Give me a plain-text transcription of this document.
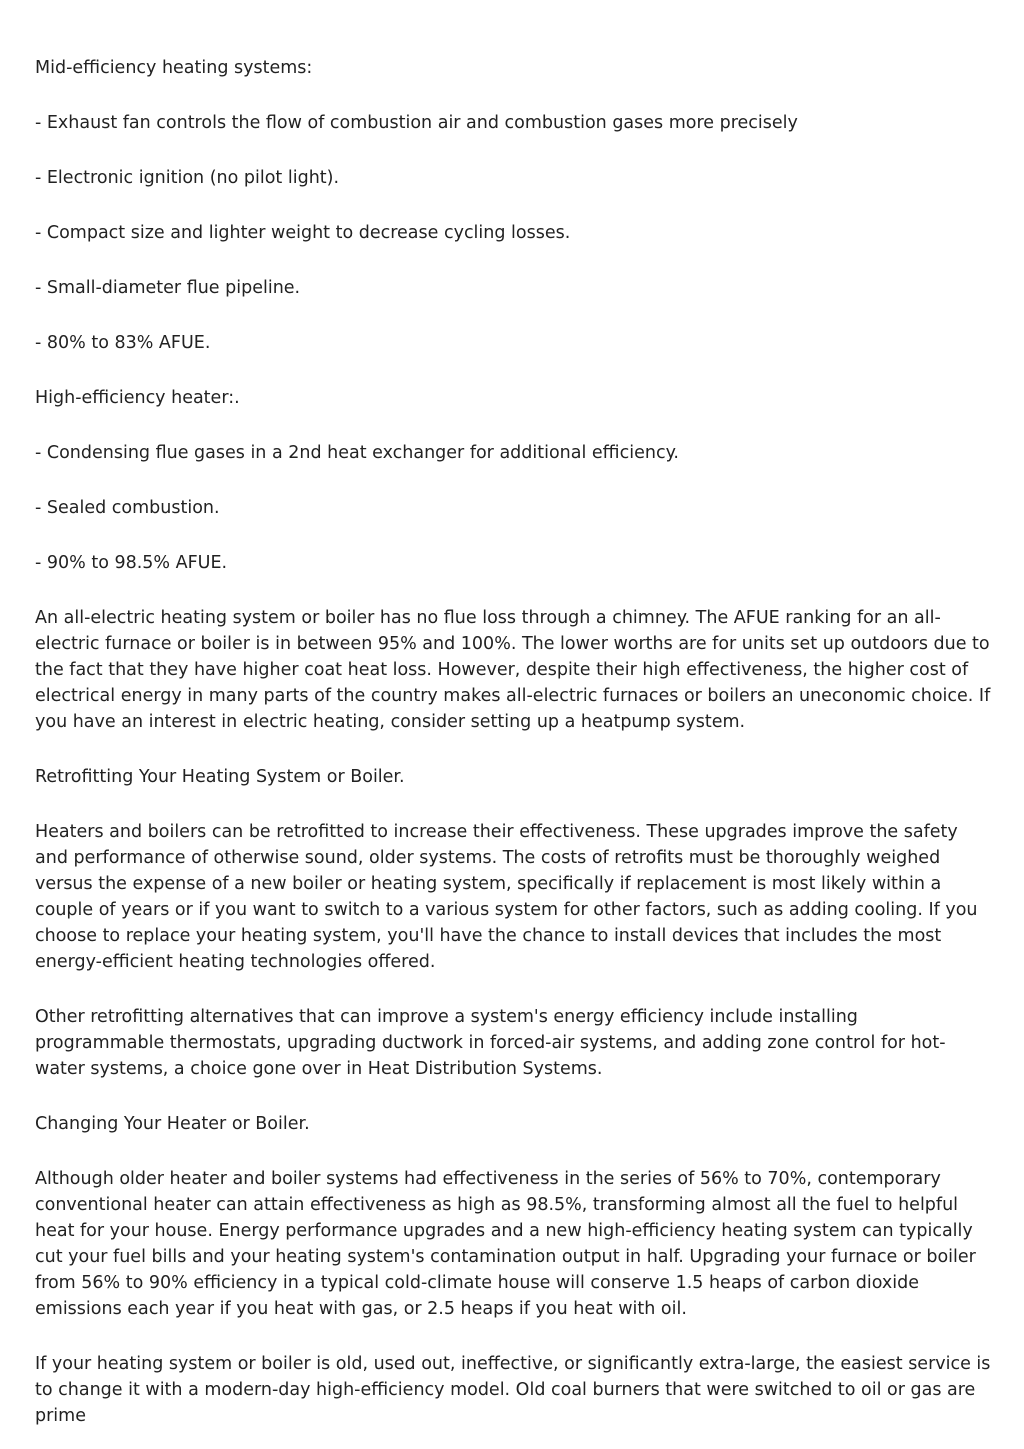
Mid-efficiency heating systems:

- Exhaust fan controls the flow of combustion air and combustion gases more precisely

- Electronic ignition (no pilot light).

- Compact size and lighter weight to decrease cycling losses.

- Small-diameter flue pipeline.

- 80% to 83% AFUE.

High-efficiency heater:.

- Condensing flue gases in a 2nd heat exchanger for additional efficiency.

- Sealed combustion.

- 90% to 98.5% AFUE.

An all-electric heating system or boiler has no flue loss through a chimney. The AFUE ranking for an all-electric furnace or boiler is in between 95% and 100%. The lower worths are for units set up outdoors due to the fact that they have higher coat heat loss. However, despite their high effectiveness, the higher cost of electrical energy in many parts of the country makes all-electric furnaces or boilers an uneconomic choice. If you have an interest in electric heating, consider setting up a heatpump system.

Retrofitting Your Heating System or Boiler.

Heaters and boilers can be retrofitted to increase their effectiveness. These upgrades improve the safety and performance of otherwise sound, older systems. The costs of retrofits must be thoroughly weighed versus the expense of a new boiler or heating system, specifically if replacement is most likely within a couple of years or if you want to switch to a various system for other factors, such as adding cooling. If you choose to replace your heating system, you'll have the chance to install devices that includes the most energy-efficient heating technologies offered.

Other retrofitting alternatives that can improve a system's energy efficiency include installing programmable thermostats, upgrading ductwork in forced-air systems, and adding zone control for hot-water systems, a choice gone over in Heat Distribution Systems.

Changing Your Heater or Boiler.

Although older heater and boiler systems had effectiveness in the series of 56% to 70%, contemporary conventional heater can attain effectiveness as high as 98.5%, transforming almost all the fuel to helpful heat for your house. Energy performance upgrades and a new high-efficiency heating system can typically cut your fuel bills and your heating system's contamination output in half. Upgrading your furnace or boiler from 56% to 90% efficiency in a typical cold-climate house will conserve 1.5 heaps of carbon dioxide emissions each year if you heat with gas, or 2.5 heaps if you heat with oil.

If your heating system or boiler is old, used out, ineffective, or significantly extra-large, the easiest service is to change it with a modern-day high-efficiency model. Old coal burners that were switched to oil or gas are prime
